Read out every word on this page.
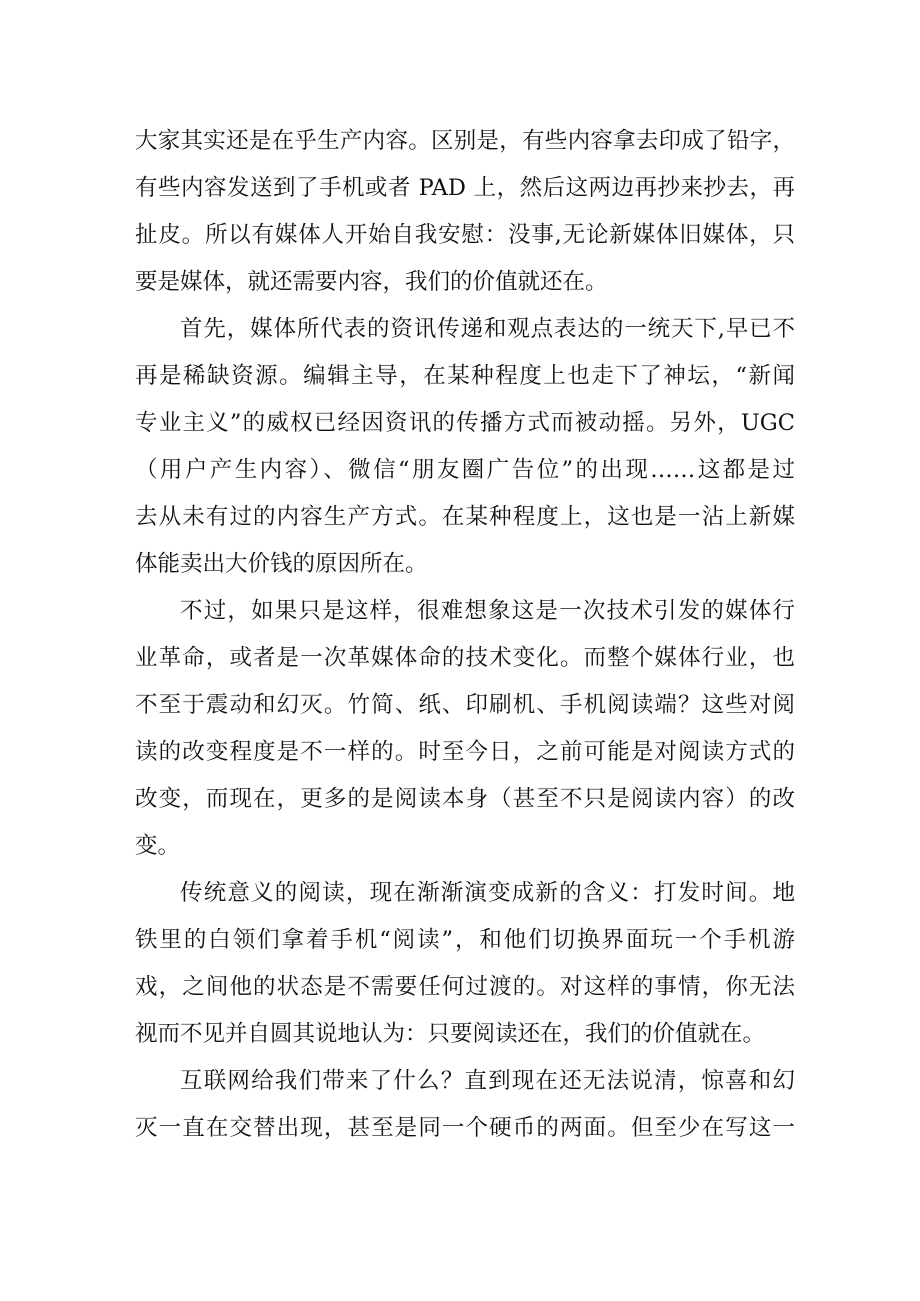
大家其实还是在乎生产内容。区别是，有些内容拿去印成了铅字，
有些内容发送到了手机或者 PAD 上，然后这两边再抄来抄去，再
扯皮。所以有媒体人开始自我安慰：没事,无论新媒体旧媒体，只
要是媒体，就还需要内容，我们的价值就还在。
首先，媒体所代表的资讯传递和观点表达的一统天下,早已不
再是稀缺资源。编辑主导，在某种程度上也走下了神坛，“新闻
专业主义”的威权已经因资讯的传播方式而被动摇。另外，UGC
（用户产生内容）、微信“朋友圈广告位”的出现……这都是过
去从未有过的内容生产方式。在某种程度上，这也是一沾上新媒
体能卖出大价钱的原因所在。
不过，如果只是这样，很难想象这是一次技术引发的媒体行
业革命，或者是一次革媒体命的技术变化。而整个媒体行业，也
不至于震动和幻灭。竹简、纸、印刷机、手机阅读端？这些对阅
读的改变程度是不一样的。时至今日，之前可能是对阅读方式的
改变，而现在，更多的是阅读本身（甚至不只是阅读内容）的改
变。
传统意义的阅读，现在渐渐演变成新的含义：打发时间。地
铁里的白领们拿着手机“阅读”，和他们切换界面玩一个手机游
戏，之间他的状态是不需要任何过渡的。对这样的事情，你无法
视而不见并自圆其说地认为：只要阅读还在，我们的价值就在。
互联网给我们带来了什么？直到现在还无法说清，惊喜和幻
灭一直在交替出现，甚至是同一个硬币的两面。但至少在写这一
